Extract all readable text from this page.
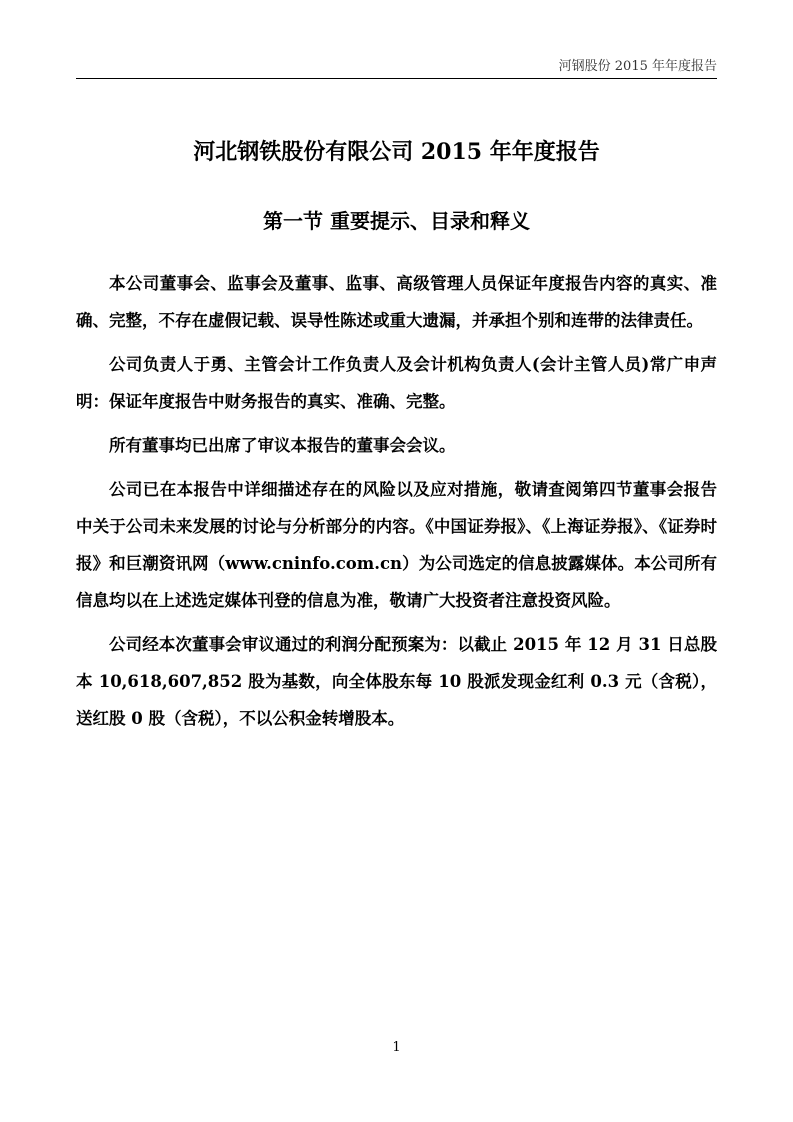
河钢股份 2015 年年度报告
河北钢铁股份有限公司 2015 年年度报告
第一节 重要提示、目录和释义

本公司董事会、监事会及董事、监事、高级管理人员保证年度报告内容的真实、准确、完整，不存在虚假记载、误导性陈述或重大遗漏，并承担个别和连带的法律责任。

公司负责人于勇、主管会计工作负责人及会计机构负责人(会计主管人员)常广申声明：保证年度报告中财务报告的真实、准确、完整。

所有董事均已出席了审议本报告的董事会会议。

公司已在本报告中详细描述存在的风险以及应对措施，敬请查阅第四节董事会报告中关于公司未来发展的讨论与分析部分的内容。《中国证券报》、《上海证券报》、《证券时报》和巨潮资讯网（www.cninfo.com.cn）为公司选定的信息披露媒体。本公司所有信息均以在上述选定媒体刊登的信息为准，敬请广大投资者注意投资风险。

公司经本次董事会审议通过的利润分配预案为：以截止 2015 年 12 月 31 日总股本 10,618,607,852 股为基数，向全体股东每 10 股派发现金红利 0.3 元（含税），送红股 0 股（含税），不以公积金转增股本。

1
